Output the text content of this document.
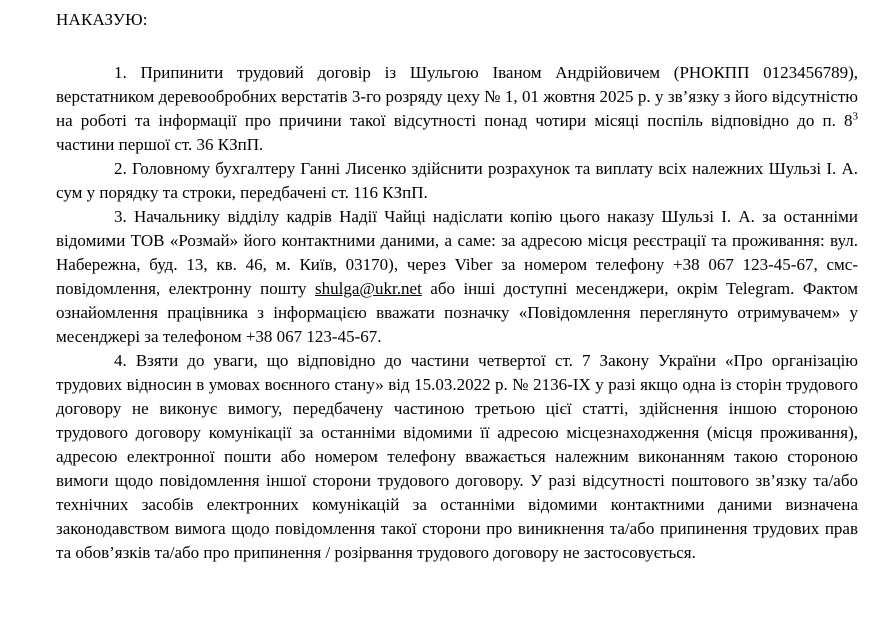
НАКАЗУЮ:

1. Припинити трудовий договір із Шульгою Іваном Андрійовичем (РНОКПП 0123456789), верстатником деревообробних верстатів 3-го розряду цеху № 1, 01 жовтня 2025 р. у зв’язку з його відсутністю на роботі та інформації про причини такої відсутності понад чотири місяці поспіль відповідно до п. $8^3$ частини першої ст. 36 КЗпП.

2. Головному бухгалтеру Ганні Лисенко здійснити розрахунок та виплату всіх належних Шульзі І. А. сум у порядку та строки, передбачені ст. 116 КЗпП.

3. Начальнику відділу кадрів Надії Чайці надіслати копію цього наказу Шульзі І. А. за останніми відомими ТОВ «Розмай» його контактними даними, а саме: за адресою місця реєстрації та проживання: вул. Набережна, буд. 13, кв. 46, м. Київ, 03170), через Viber за номером телефону +38 067 123-45-67, смс-повідомлення, електронну пошту shulga@ukr.net або інші доступні месенджери, окрім Telegram. Фактом ознайомлення працівника з інформацією вважати позначку «Повідомлення переглянуто отримувачем» у месенджері за телефоном +38 067 123-45-67.

4. Взяти до уваги, що відповідно до частини четвертої ст. 7 Закону України «Про організацію трудових відносин в умовах воєнного стану» від 15.03.2022 р. № 2136-IX у разі якщо одна із сторін трудового договору не виконує вимогу, передбачену частиною третьою цієї статті, здійснення іншою стороною трудового договору комунікації за останніми відомими її адресою місцезнаходження (місця проживання), адресою електронної пошти або номером телефону вважається належним виконанням такою стороною вимоги щодо повідомлення іншої сторони трудового договору. У разі відсутності поштового зв’язку та/або технічних засобів електронних комунікацій за останніми відомими контактними даними визначена законодавством вимога щодо повідомлення такої сторони про виникнення та/або припинення трудових прав та обов’язків та/або про припинення / розірвання трудового договору не застосовується.
